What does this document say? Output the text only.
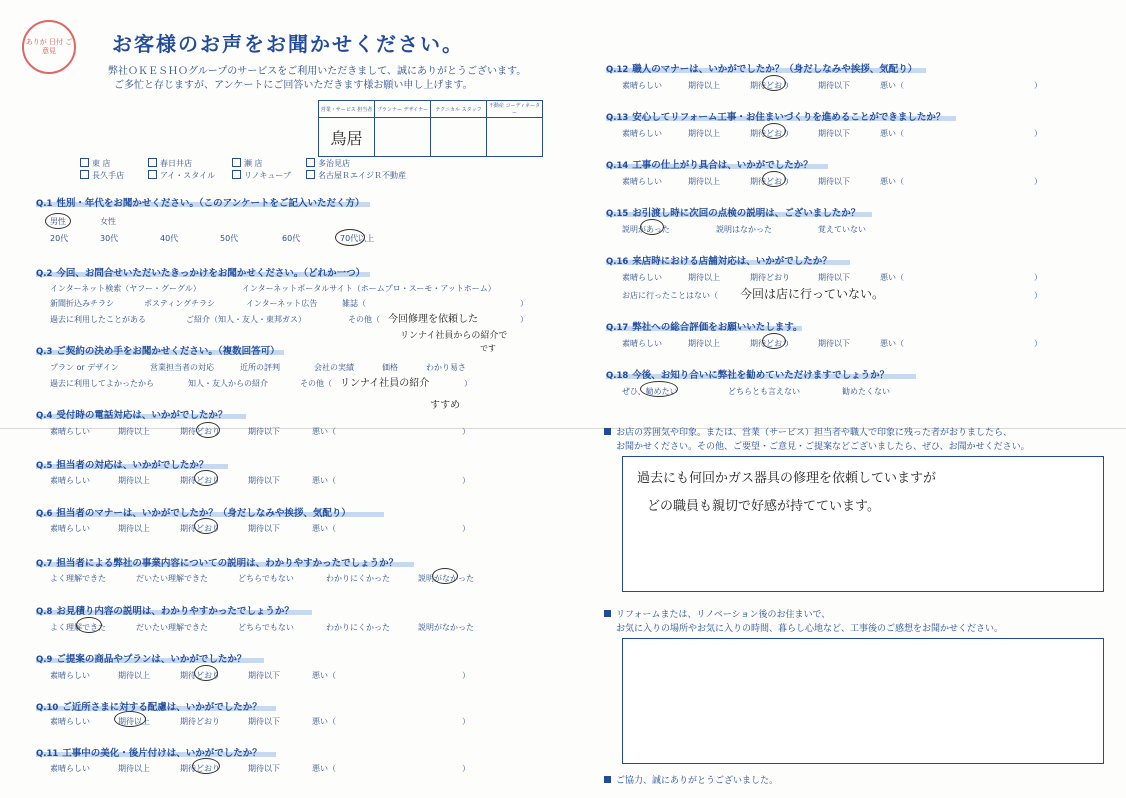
ありが 日付 ご意見	お客様のお声をお聞かせください。
弊社ＯＫＥＳＨＯグループのサービスをご利用いただきまして、誠にありがとうございます。
ご多忙と存じますが、アンケートにご回答いただきます様お願い申し上げます。
営業・サービス 担当者	プランナー デザイナー	テクニカル スタッフ	不動産 コーディネーター
鳥居			
東 店	春日井店	瀬 店	多治見店
長久手店	アイ・スタイル	リノキューブ	名古屋ＲエイジＲ不動産
Q.1 性別・年代をお聞かせください。（このアンケートをご記入いただく方）
男性	女性
20代	30代	40代	50代	60代	70代以上
Q.2 今回、お問合せいただいたきっかけをお聞かせください。（どれか一つ）
インターネット検索（ヤフー・グーグル）	インターネットポータルサイト（ホームプロ・スーモ・アットホーム）
新聞折込みチラシ	ポスティングチラシ	インターネット広告	雑誌（	）
過去に利用したことがある	ご紹介（知人・友人・東邦ガス）	その他（	）
今回修理を依頼した
リンナイ社員からの紹介で
です
Q.3 ご契約の決め手をお聞かせください。（複数回答可）
プラン or デザイン	営業担当者の対応	近所の評判	会社の実績	価格	わかり易さ
過去に利用してよかったから	知人・友人からの紹介	その他（	）
リンナイ社員の紹介
すすめ
Q.4 受付時の電話対応は、いかがでしたか？
素晴らしい	期待以上	期待どおり	期待以下	悪い（	）
Q.5 担当者の対応は、いかがでしたか？
素晴らしい	期待以上	期待どおり	期待以下	悪い（	）
Q.6 担当者のマナーは、いかがでしたか？（身だしなみや挨拶、気配り）
素晴らしい	期待以上	期待どおり	期待以下	悪い（	）
Q.7 担当者による弊社の事業内容についての説明は、わかりやすかったでしょうか？
よく理解できた	だいたい理解できた	どちらでもない	わかりにくかった	説明がなかった
Q.8 お見積り内容の説明は、わかりやすかったでしょうか？
よく理解できた	だいたい理解できた	どちらでもない	わかりにくかった	説明がなかった
Q.9 ご提案の商品やプランは、いかがでしたか？
素晴らしい	期待以上	期待どおり	期待以下	悪い（	）
Q.10 ご近所さまに対する配慮は、いかがでしたか？
素晴らしい	期待以上	期待どおり	期待以下	悪い（	）
Q.11 工事中の美化・後片付けは、いかがでしたか？
素晴らしい	期待以上	期待どおり	期待以下	悪い（	）
Q.12 職人のマナーは、いかがでしたか？（身だしなみや挨拶、気配り）
素晴らしい	期待以上	期待どおり	期待以下	悪い（	）
Q.13 安心してリフォーム工事・お住まいづくりを進めることができましたか？
素晴らしい	期待以上	期待どおり	期待以下	悪い（	）
Q.14 工事の仕上がり具合は、いかがでしたか？
素晴らしい	期待以上	期待どおり	期待以下	悪い（	）
Q.15 お引渡し時に次回の点検の説明は、ございましたか？
説明があった	説明はなかった	覚えていない
Q.16 来店時における店舗対応は、いかがでしたか？
素晴らしい	期待以上	期待どおり	期待以下	悪い（	）
お店に行ったことはない（	）
今回は店に行っていない。
Q.17 弊社への総合評価をお願いいたします。
素晴らしい	期待以上	期待どおり	期待以下	悪い（	）
Q.18 今後、お知り合いに弊社を勧めていただけますでしょうか？
ぜひ、勧めたい	どちらとも言えない	勧めたくない
お店の雰囲気や印象。または、営業（サービス）担当者や職人で印象に残った者がおりましたら、
お聞かせください。その他、ご要望・ご意見・ご提案などございましたら、ぜひ、お聞かせください。
過去にも何回かガス器具の修理を依頼していますが
どの職員も親切で好感が持てています。
リフォームまたは、リノベーション後のお住まいで、
お気に入りの場所やお気に入りの時間、暮らし心地など、工事後のご感想をお聞かせください。
ご協力、誠にありがとうございました。
